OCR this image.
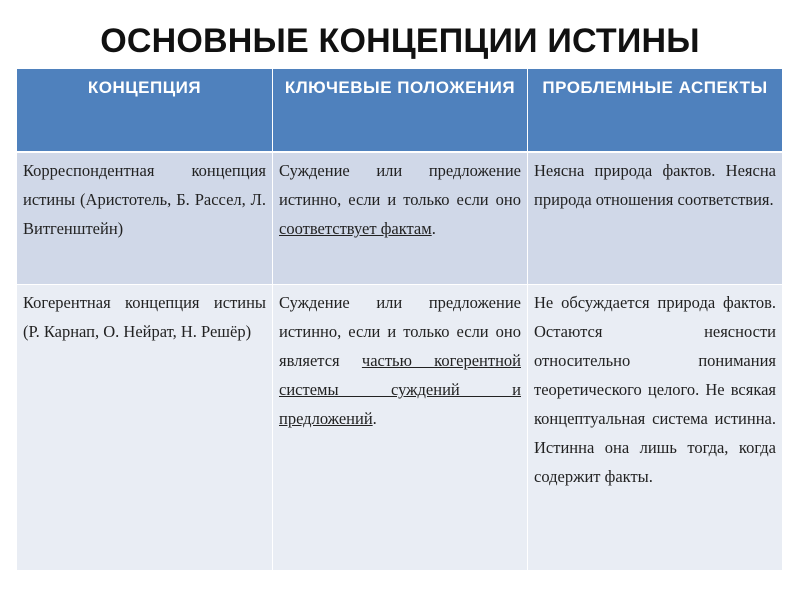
ОСНОВНЫЕ КОНЦЕПЦИИ ИСТИНЫ
КОНЦЕПЦИЯ	КЛЮЧЕВЫЕ ПОЛОЖЕНИЯ	ПРОБЛЕМНЫЕ АСПЕКТЫ
Корреспондентная концепция истины (Аристотель, Б. Рассел, Л. Витгенштейн)	Суждение или предложение истинно, если и только если оно соответствует фактам.	Неясна природа фактов. Неясна природа отношения соответствия.
Когерентная концепция истины (Р. Карнап, О. Нейрат, Н. Решёр)	Суждение или предложение истинно, если и только если оно является частью когерентной системы суждений и предложений.	Не обсуждается природа фактов. Остаются неясности относительно понимания теоретического целого. Не всякая концептуальная система истинна. Истинна она лишь тогда, когда содержит факты.
